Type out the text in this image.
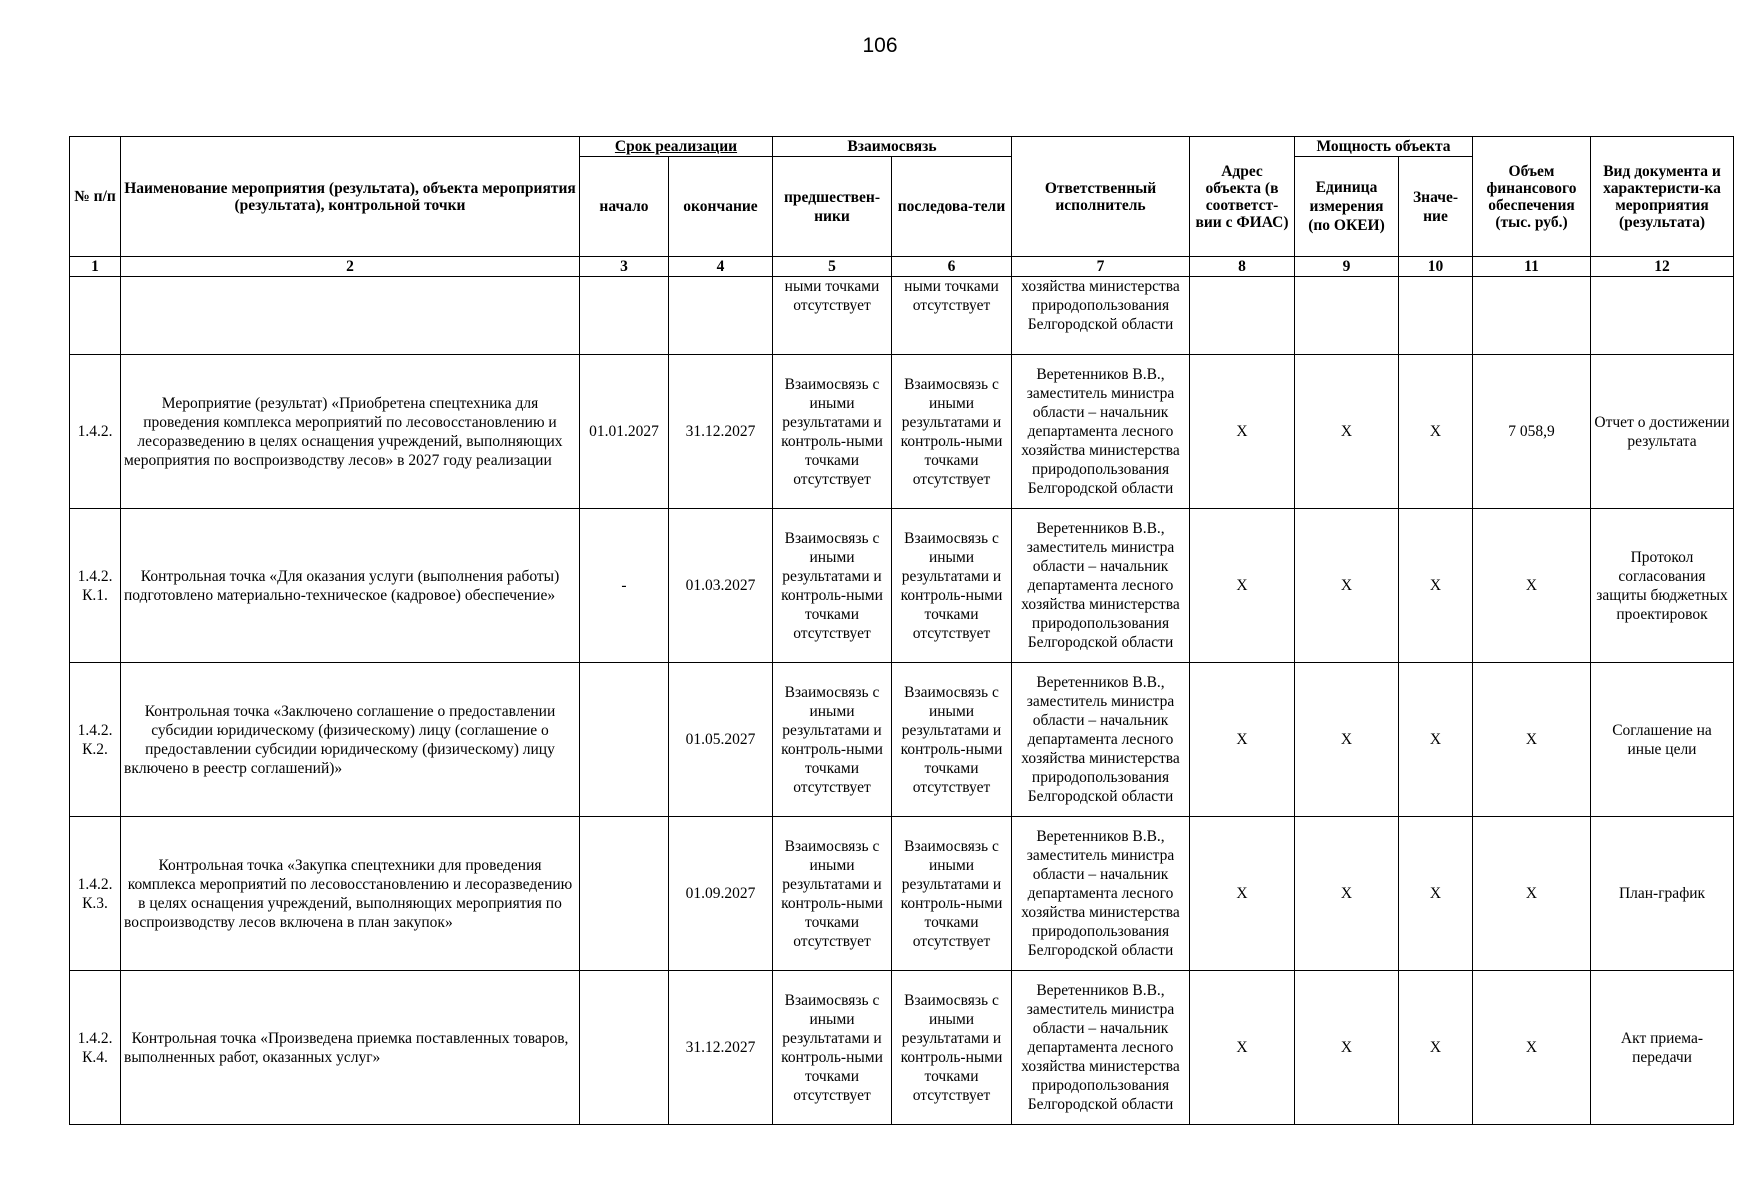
106
№ п/п	Наименование мероприятия (результата), объекта мероприятия (результата), контрольной точки	Срок реализации		Взаимосвязь		Ответственный исполнитель	Адрес объекта (в соответст-вии с ФИАС)	Мощность объекта		Объем финансового обеспечения (тыс. руб.)	Вид документа и характеристи-ка мероприятия (результата)
		начало	окончание	предшествен-ники	последова-тели			Единица измерения (по ОКЕИ)	Значе-ние		
1	2	3	4	5	6	7	8	9	10	11	12
				ными точками отсутствует	ными точками отсутствует	хозяйства министерства природопользования Белгородской области					
1.4.2.	Мероприятие (результат) «Приобретена спецтехника для проведения комплекса мероприятий по лесовосстановлению и лесоразведению в целях оснащения учреждений, выполняющих мероприятия по воспроизводству лесов» в 2027 году реализации	01.01.2027	31.12.2027	Взаимосвязь с иными результатами и контроль-ными точками отсутствует	Взаимосвязь с иными результатами и контроль-ными точками отсутствует	Веретенников В.В., заместитель министра области – начальник департамента лесного хозяйства министерства природопользования Белгородской области	X	X	X	7 058,9	Отчет о достижении результата
1.4.2. К.1.	Контрольная точка «Для оказания услуги (выполнения работы) подготовлено материально-техническое (кадровое) обеспечение»	-	01.03.2027	Взаимосвязь с иными результатами и контроль-ными точками отсутствует	Взаимосвязь с иными результатами и контроль-ными точками отсутствует	Веретенников В.В., заместитель министра области – начальник департамента лесного хозяйства министерства природопользования Белгородской области	X	X	X	X	Протокол согласования защиты бюджетных проектировок
1.4.2. К.2.	Контрольная точка «Заключено соглашение о предоставлении субсидии юридическому (физическому) лицу (соглашение о предоставлении субсидии юридическому (физическому) лицу включено в реестр соглашений)»		01.05.2027	Взаимосвязь с иными результатами и контроль-ными точками отсутствует	Взаимосвязь с иными результатами и контроль-ными точками отсутствует	Веретенников В.В., заместитель министра области – начальник департамента лесного хозяйства министерства природопользования Белгородской области	X	X	X	X	Соглашение на иные цели
1.4.2. К.3.	Контрольная точка «Закупка спецтехники для проведения комплекса мероприятий по лесовосстановлению и лесоразведению в целях оснащения учреждений, выполняющих мероприятия по воспроизводству лесов включена в план закупок»		01.09.2027	Взаимосвязь с иными результатами и контроль-ными точками отсутствует	Взаимосвязь с иными результатами и контроль-ными точками отсутствует	Веретенников В.В., заместитель министра области – начальник департамента лесного хозяйства министерства природопользования Белгородской области	X	X	X	X	План-график
1.4.2. К.4.	Контрольная точка «Произведена приемка поставленных товаров, выполненных работ, оказанных услуг»		31.12.2027	Взаимосвязь с иными результатами и контроль-ными точками отсутствует	Взаимосвязь с иными результатами и контроль-ными точками отсутствует	Веретенников В.В., заместитель министра области – начальник департамента лесного хозяйства министерства природопользования Белгородской области	X	X	X	X	Акт приема-передачи
